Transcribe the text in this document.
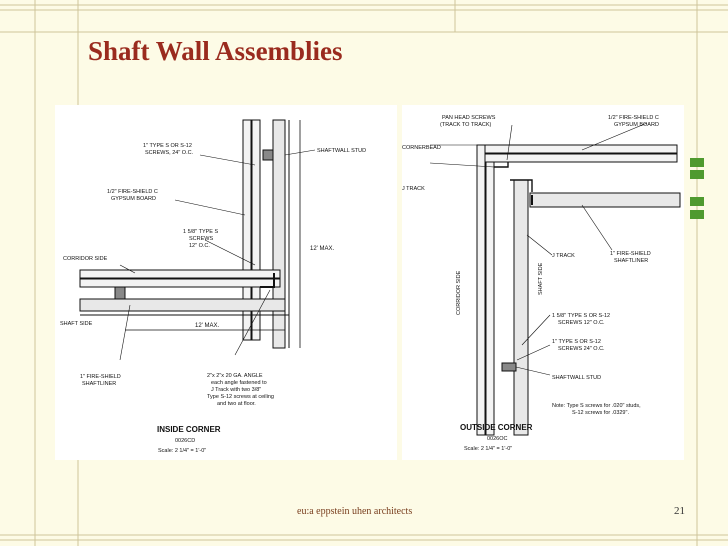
Shaft Wall Assemblies
1" TYPE S OR S-12
SCREWS, 24" O.C.	SHAFTWALL STUD
1/2" FIRE-SHIELD C
GYPSUM BOARD
1 5/8" TYPE S
SCREWS
12" O.C.	12' MAX.
CORRIDOR SIDE
SHAFT SIDE	12' MAX.
1" FIRE-SHIELD
SHAFTLINER
2"x 2"x 20 GA. ANGLE
each angle fastened to
J Track with two 3/8"
Type S-12 screws at ceiling
and two at floor.
INSIDE CORNER
0026CD
Scale: 2 1/4" = 1'-0"
PAN HEAD SCREWS
(TRACK TO TRACK)
1/2" FIRE-SHIELD C
GYPSUM BOARD
CORNERBEAD
J TRACK
CORRIDOR SIDE	SHAFT SIDE
J TRACK	1" FIRE-SHIELD
SHAFTLINER
1 5/8" TYPE S OR S-12
SCREWS 12" O.C.
1" TYPE S OR S-12
SCREWS 24" O.C.
SHAFTWALL STUD
Note: Type S screws for .020" studs,
S-12 screws for .0329".
OUTSIDE CORNER
0026OC
Scale: 2 1/4" = 1'-0"
eu:a eppstein uhen architects	21
